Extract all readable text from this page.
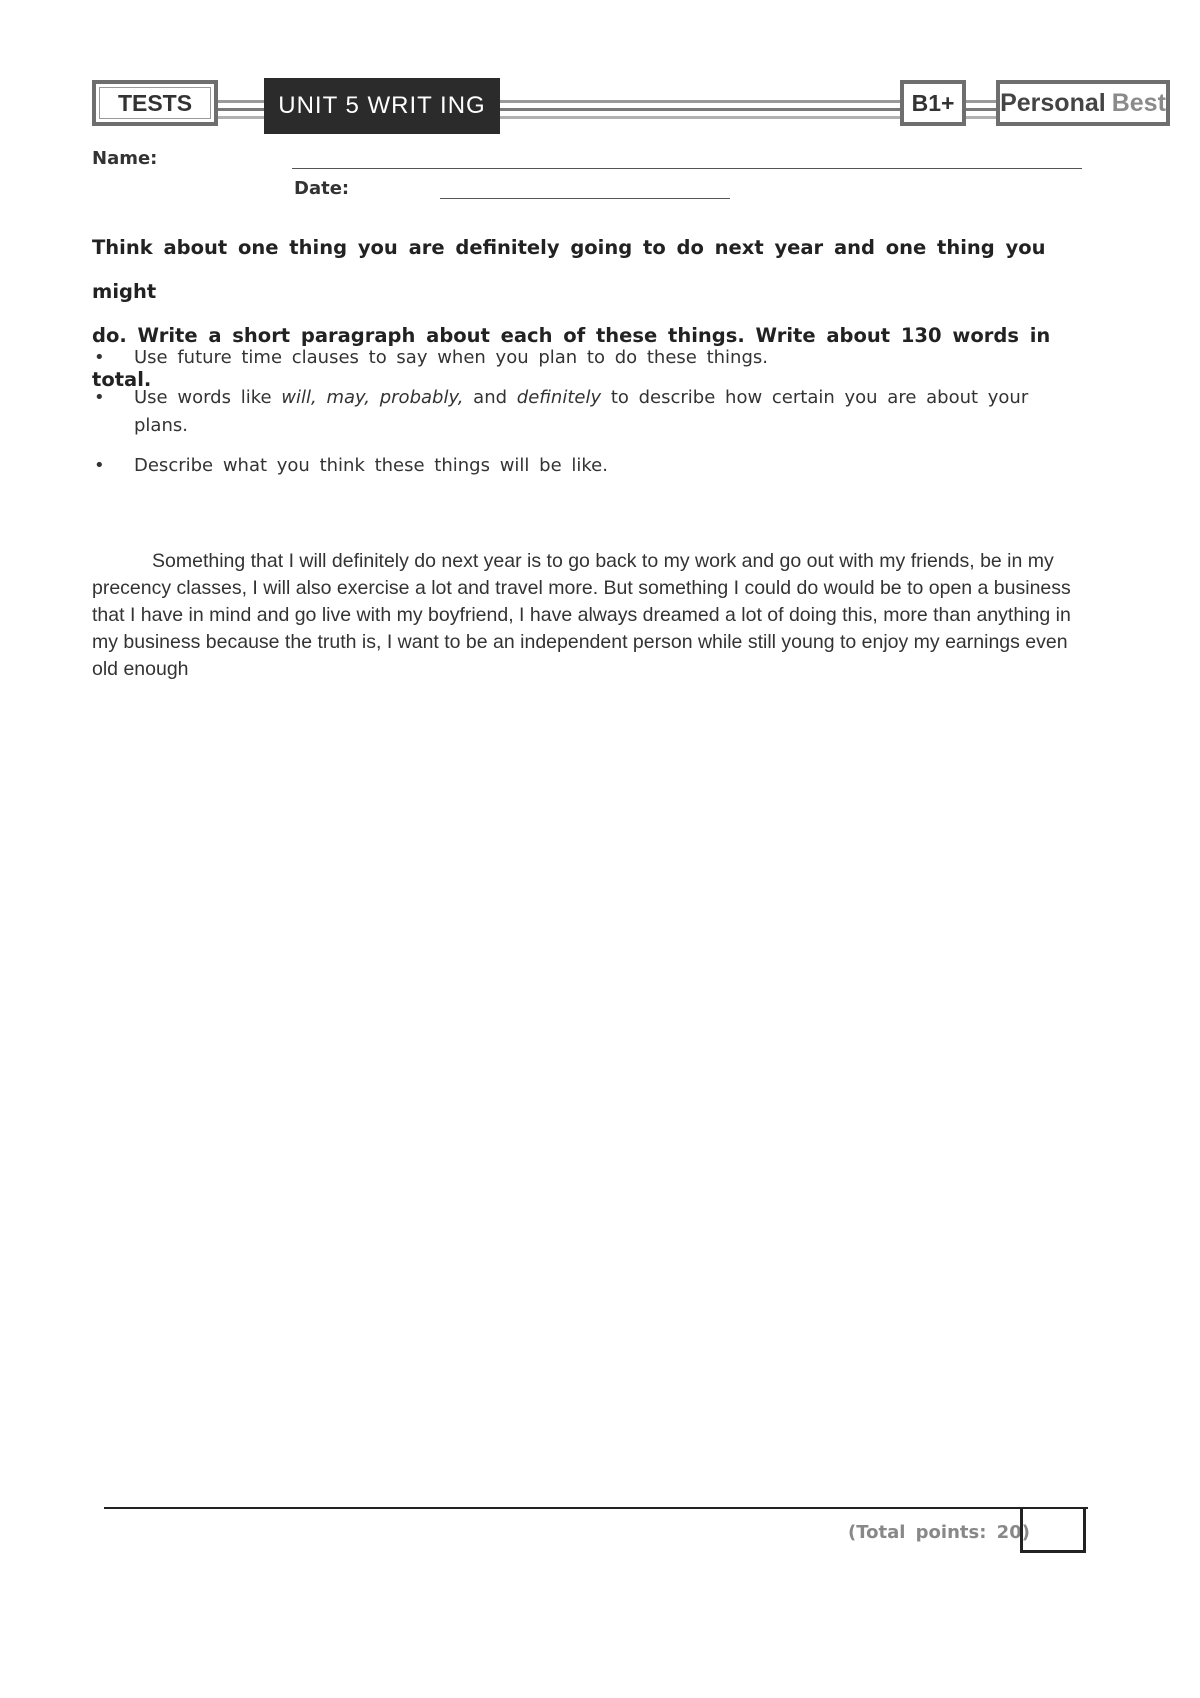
TESTS	UNIT 5 WRIT ING	B1+	Personal Best
Name:
Date:
Think about one thing you are definitely going to do next year and one thing you might
do. Write a short paragraph about each of these things. Write about 130 words in total.
• Use future time clauses to say when you plan to do these things.
• Use words like will, may, probably, and definitely to describe how certain you are about your plans.
• Describe what you think these things will be like.

Something that I will definitely do next year is to go back to my work and go out with my friends, be in my precency classes, I will also exercise a lot and travel more. But something I could do would be to open a business that I have in mind and go live with my boyfriend, I have always dreamed a lot of doing this, more than anything in my business because the truth is, I want to be an independent person while still young to enjoy my earnings even old enough

(Total points: 20)
